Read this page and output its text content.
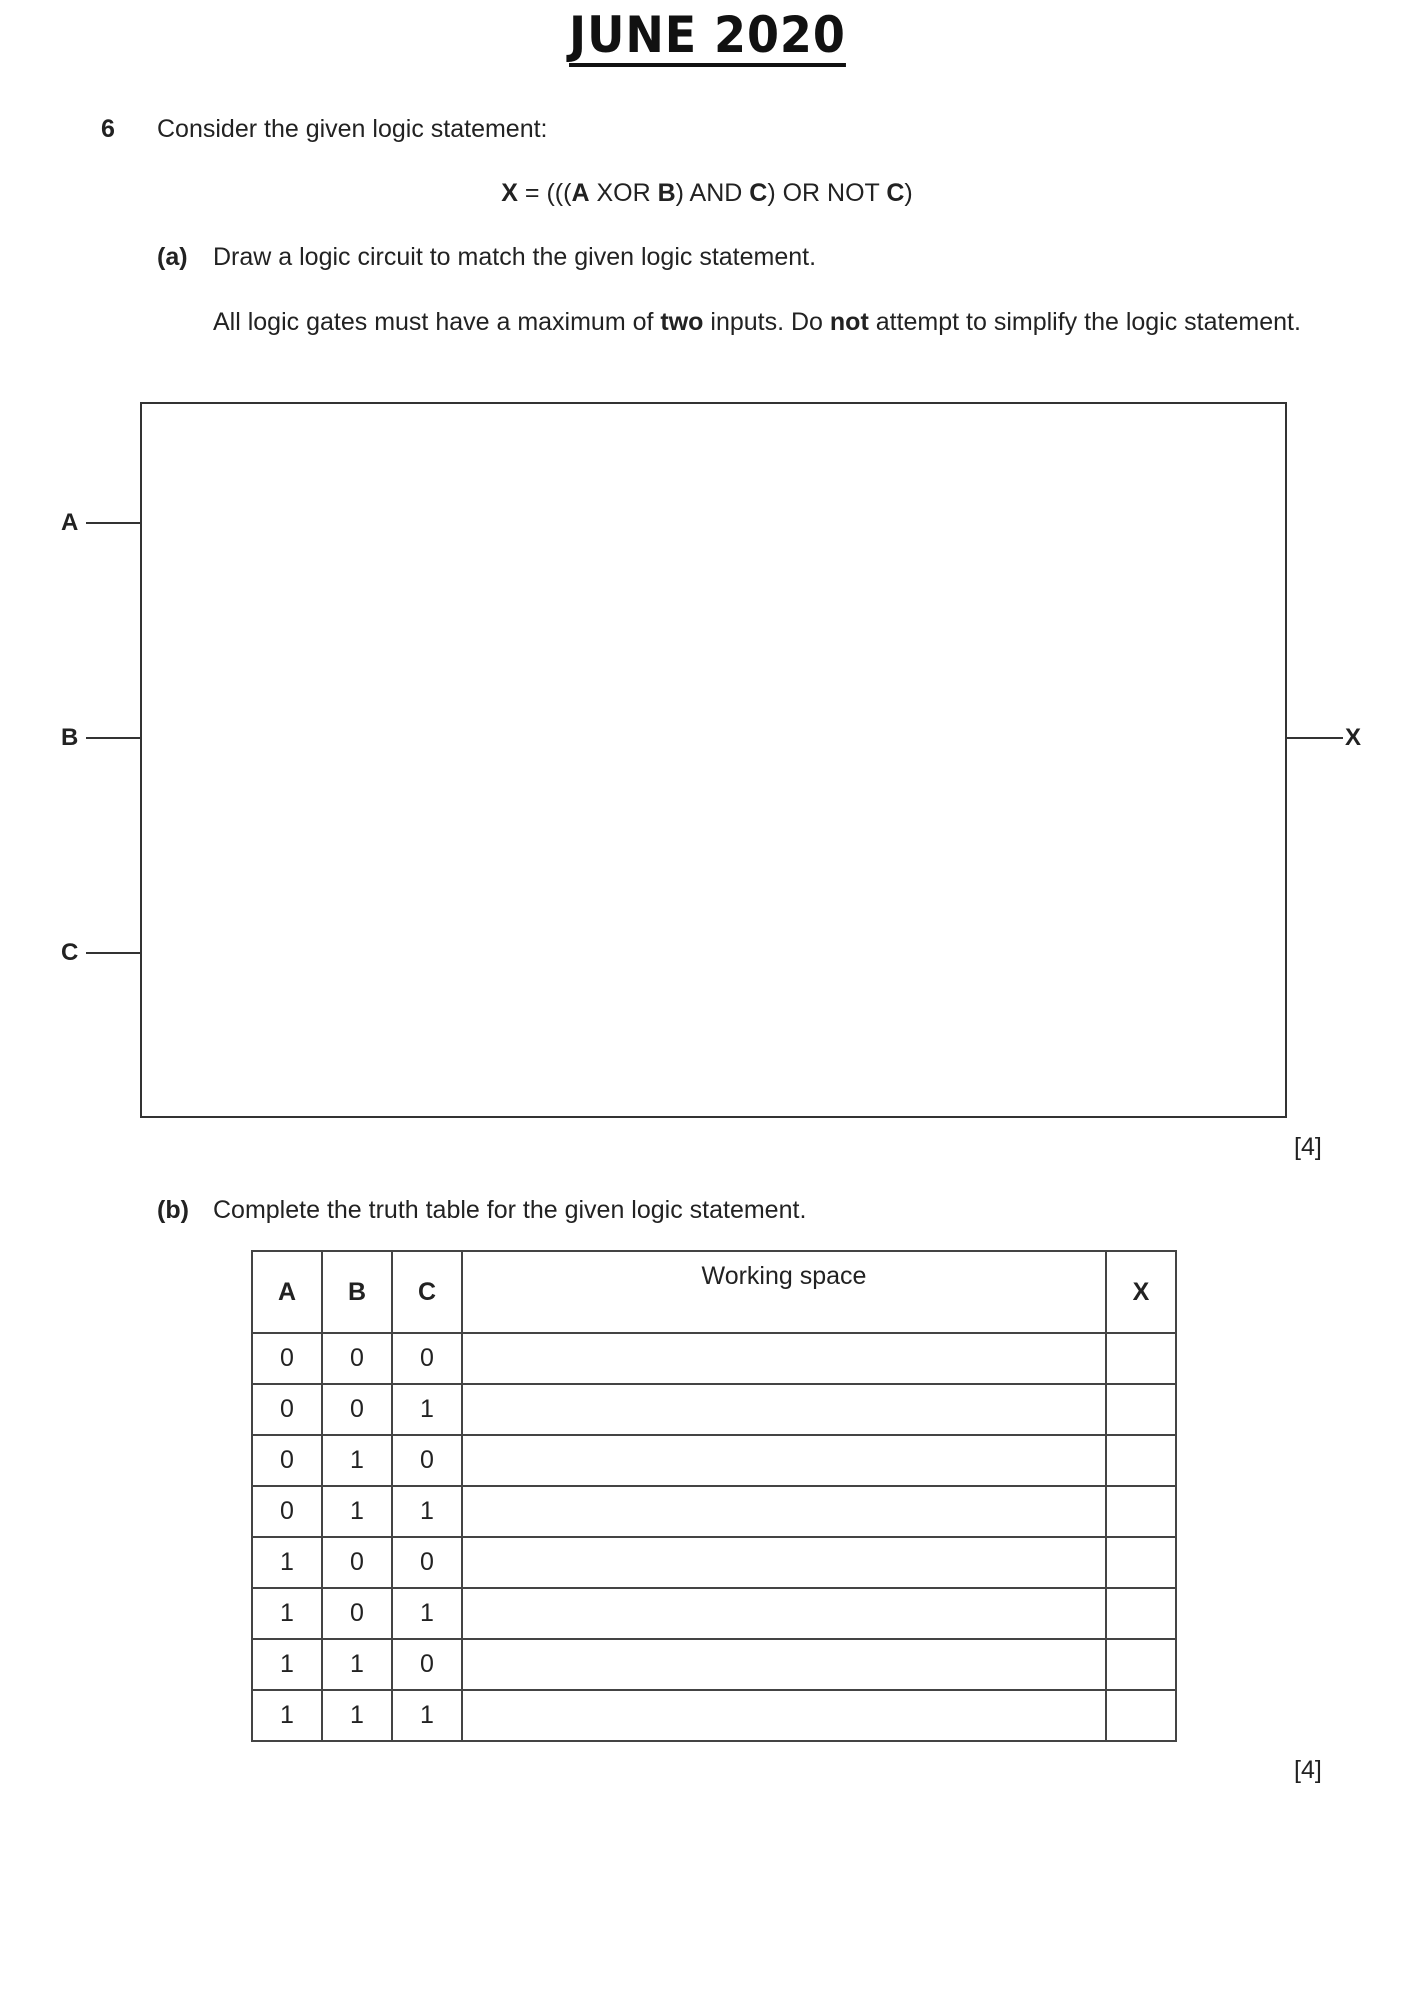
JUNE 2020
6 Consider the given logic statement:
X = (((A XOR B) AND C) OR NOT C)
(a) Draw a logic circuit to match the given logic statement.
All logic gates must have a maximum of two inputs. Do not attempt to simplify the logic statement.
A
B
C
X
[4]
(b) Complete the truth table for the given logic statement.
A	B	C	Working space	X
0	0	0		
0	0	1		
0	1	0		
0	1	1		
1	0	0		
1	0	1		
1	1	0		
1	1	1		
[4]
